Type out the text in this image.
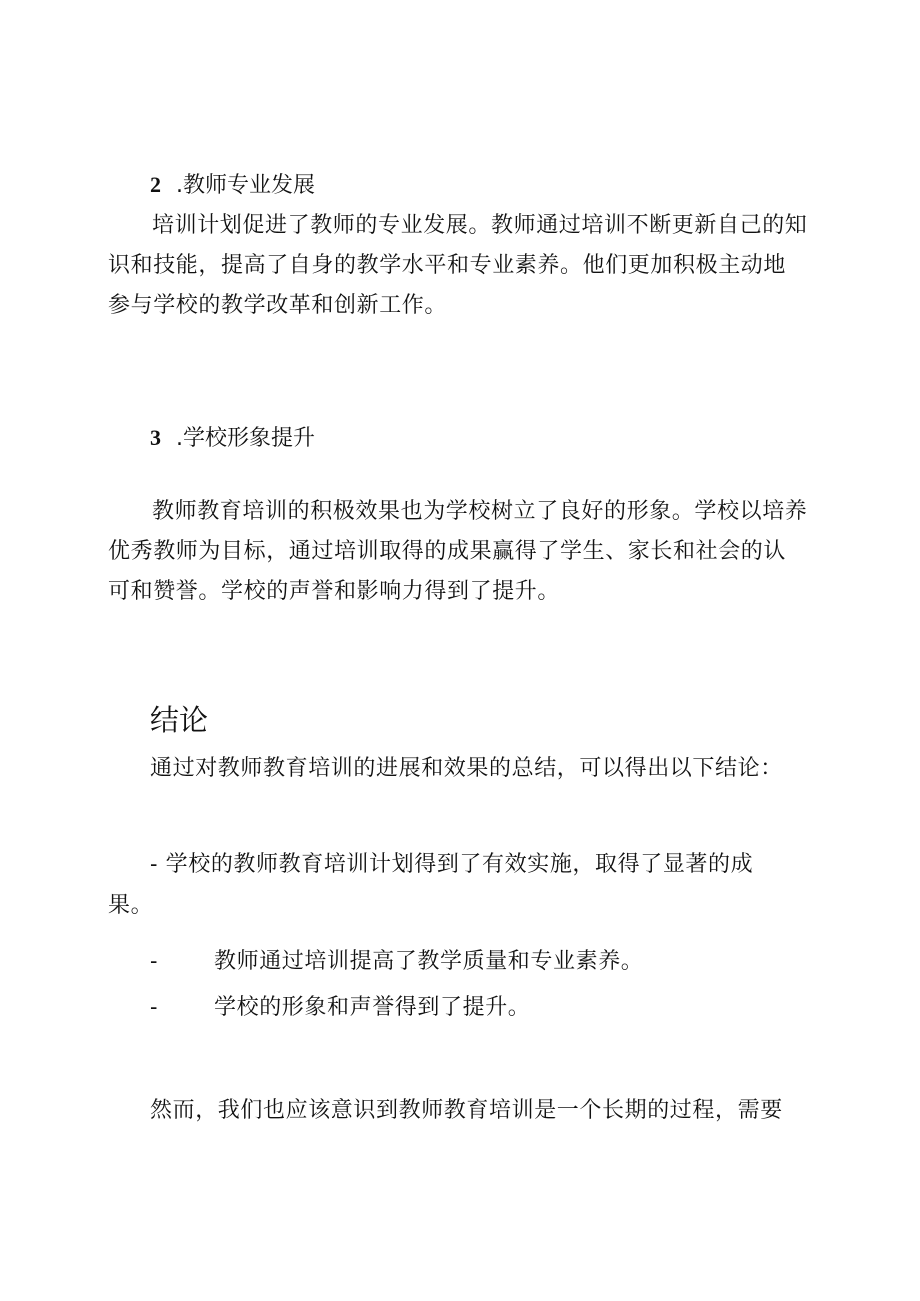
2 .教师专业发展

培训计划促进了教师的专业发展。教师通过培训不断更新自己的知识和技能，提高了自身的教学水平和专业素养。他们更加积极主动地参与学校的教学改革和创新工作。

3 .学校形象提升

教师教育培训的积极效果也为学校树立了良好的形象。学校以培养优秀教师为目标，通过培训取得的成果赢得了学生、家长和社会的认可和赞誉。学校的声誉和影响力得到了提升。

结论

通过对教师教育培训的进展和效果的总结，可以得出以下结论：

- 学校的教师教育培训计划得到了有效实施，取得了显著的成

果。

-	教师通过培训提高了教学质量和专业素养。

-	学校的形象和声誉得到了提升。

然而，我们也应该意识到教师教育培训是一个长期的过程，需要
